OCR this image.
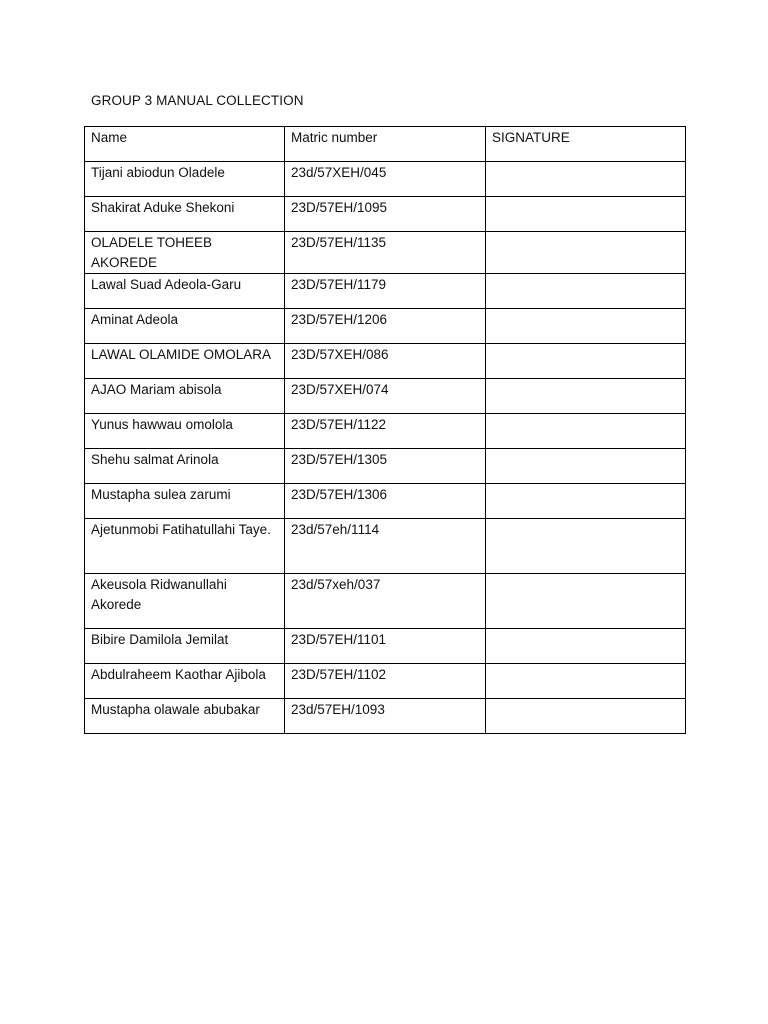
GROUP 3 MANUAL COLLECTION
Name	Matric number	SIGNATURE
Tijani abiodun Oladele	23d/57XEH/045	
Shakirat Aduke Shekoni	23D/57EH/1095	
OLADELE TOHEEB AKOREDE	23D/57EH/1135	
Lawal Suad Adeola-Garu	23D/57EH/1179	
Aminat Adeola	23D/57EH/1206	
LAWAL OLAMIDE OMOLARA	23D/57XEH/086	
AJAO Mariam abisola	23D/57XEH/074	
Yunus hawwau omolola	23D/57EH/1122	
Shehu salmat Arinola	23D/57EH/1305	
Mustapha sulea zarumi	23D/57EH/1306	
Ajetunmobi Fatihatullahi Taye.	23d/57eh/1114	
Akeusola Ridwanullahi Akorede	23d/57xeh/037	
Bibire Damilola Jemilat	23D/57EH/1101	
Abdulraheem Kaothar Ajibola	23D/57EH/1102	
Mustapha olawale abubakar	23d/57EH/1093	
